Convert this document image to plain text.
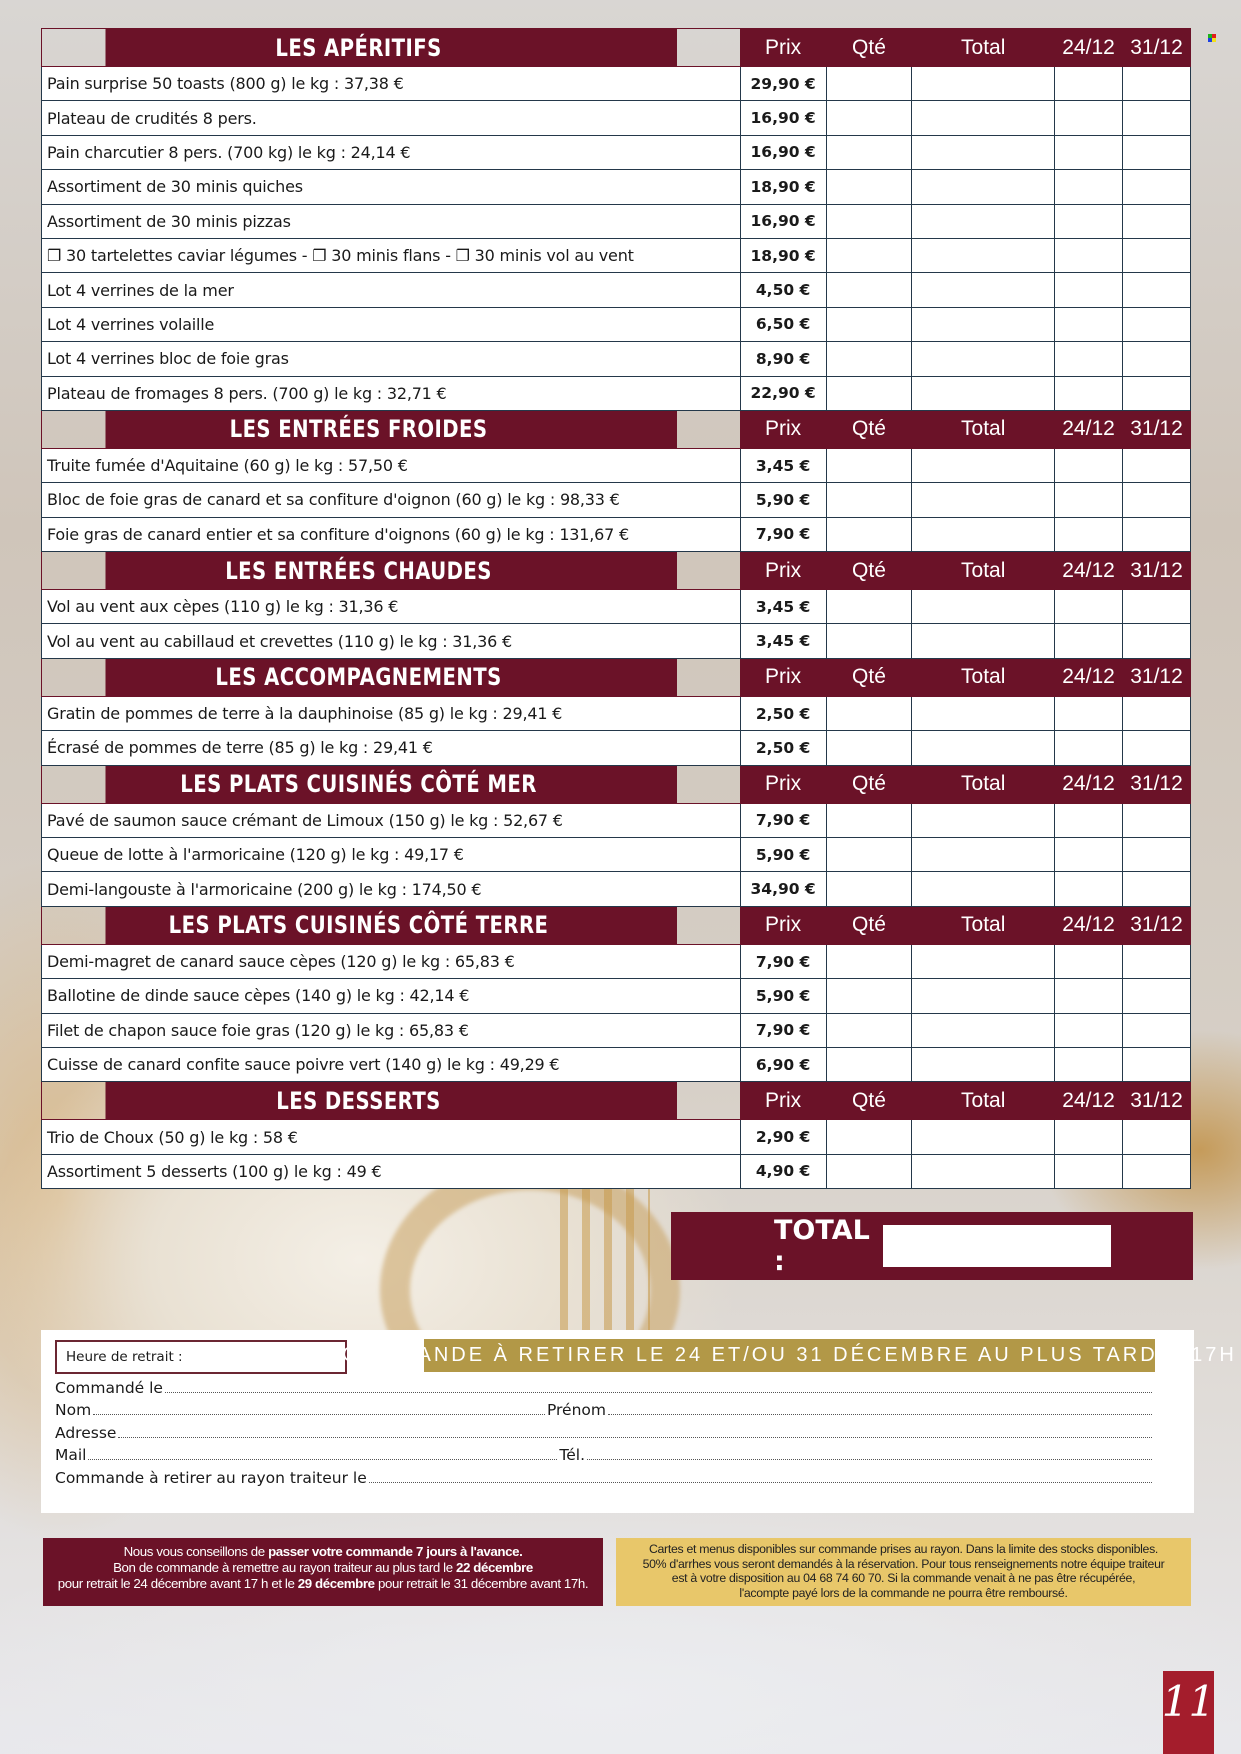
LES APÉRITIFS	Prix	Qté	Total	24/12	31/12
Pain surprise 50 toasts (800 g) le kg : 37,38 €	29,90 €				
Plateau de crudités 8 pers.	16,90 €				
Pain charcutier 8 pers. (700 kg) le kg : 24,14 €	16,90 €				
Assortiment de 30 minis quiches	18,90 €				
Assortiment de 30 minis pizzas	16,90 €				
❐ 30 tartelettes caviar légumes - ❐ 30 minis flans - ❐ 30 minis vol au vent	18,90 €				
Lot 4 verrines de la mer	4,50 €				
Lot 4 verrines volaille	6,50 €				
Lot 4 verrines bloc de foie gras	8,90 €				
Plateau de fromages 8 pers. (700 g) le kg : 32,71 €	22,90 €				
LES ENTRÉES FROIDES	Prix	Qté	Total	24/12	31/12
Truite fumée d'Aquitaine (60 g) le kg : 57,50 €	3,45 €				
Bloc de foie gras de canard et sa confiture d'oignon (60 g) le kg : 98,33 €	5,90 €				
Foie gras de canard entier et sa confiture d'oignons (60 g) le kg : 131,67 €	7,90 €				
LES ENTRÉES CHAUDES	Prix	Qté	Total	24/12	31/12
Vol au vent aux cèpes (110 g) le kg : 31,36 €	3,45 €				
Vol au vent au cabillaud et crevettes (110 g) le kg : 31,36 €	3,45 €				
LES ACCOMPAGNEMENTS	Prix	Qté	Total	24/12	31/12
Gratin de pommes de terre à la dauphinoise (85 g) le kg : 29,41 €	2,50 €				
Écrasé de pommes de terre (85 g) le kg : 29,41 €	2,50 €				
LES PLATS CUISINÉS CÔTÉ MER	Prix	Qté	Total	24/12	31/12
Pavé de saumon sauce crémant de Limoux (150 g) le kg : 52,67 €	7,90 €				
Queue de lotte à l'armoricaine (120 g) le kg : 49,17 €	5,90 €				
Demi-langouste à l'armoricaine (200 g) le kg : 174,50 €	34,90 €				
LES PLATS CUISINÉS CÔTÉ TERRE	Prix	Qté	Total	24/12	31/12
Demi-magret de canard sauce cèpes (120 g) le kg : 65,83 €	7,90 €				
Ballotine de dinde sauce cèpes (140 g) le kg : 42,14 €	5,90 €				
Filet de chapon sauce foie gras (120 g) le kg : 65,83 €	7,90 €				
Cuisse de canard confite sauce poivre vert (140 g) le kg : 49,29 €	6,90 €				
LES DESSERTS	Prix	Qté	Total	24/12	31/12
Trio de Choux (50 g) le kg : 58 €	2,90 €				
Assortiment 5 desserts (100 g) le kg : 49 €	4,90 €				
TOTAL :
Heure de retrait :	COMMANDE À RETIRER LE 24 ET/OU 31 DÉCEMBRE AU PLUS TARD À 17H
Commandé le
Nom	Prénom
Adresse
Mail	Tél.
Commande à retirer au rayon traiteur le
Nous vous conseillons de passer votre commande 7 jours à l'avance.
Bon de commande à remettre au rayon traiteur au plus tard le 22 décembre
pour retrait le 24 décembre avant 17 h et le 29 décembre pour retrait le 31 décembre avant 17h.
Cartes et menus disponibles sur commande prises au rayon. Dans la limite des stocks disponibles.
50% d'arrhes vous seront demandés à la réservation. Pour tous renseignements notre équipe traiteur
est à votre disposition au 04 68 74 60 70. Si la commande venait à ne pas être récupérée,
l'acompte payé lors de la commande ne pourra être remboursé.
11
